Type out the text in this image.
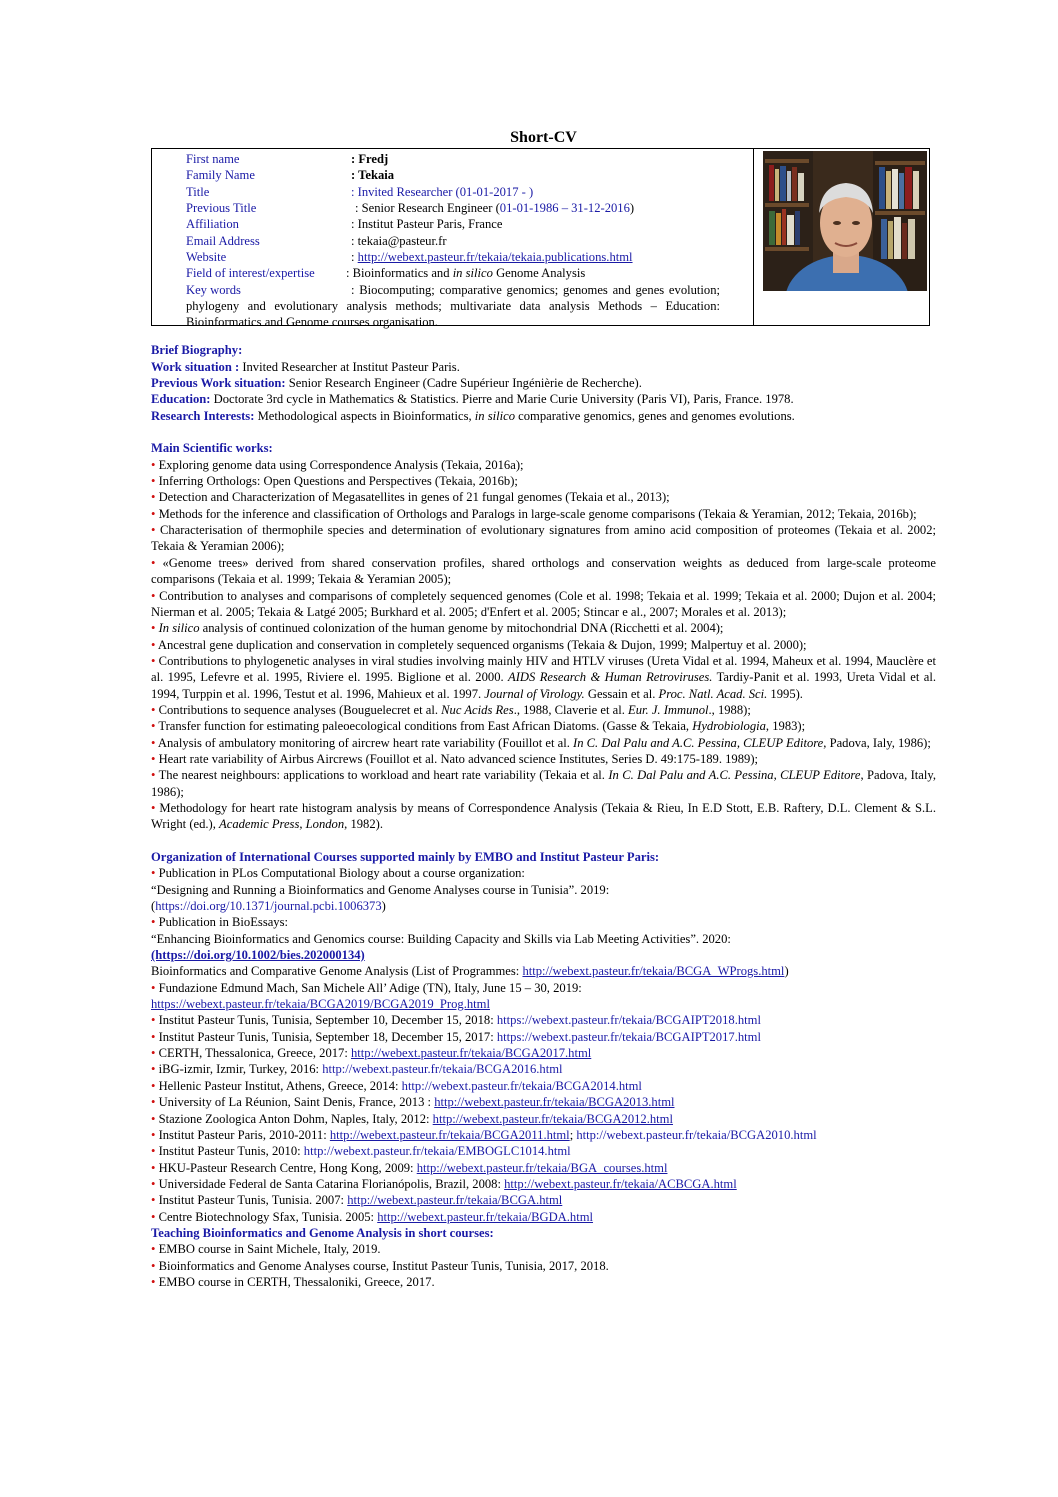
Short-CV
First name	: Fredj
Family Name	: Tekaia
Title	: Invited Researcher (01-01-2017 - )
Previous Title	: Senior Research Engineer (01-01-1986 – 31-12-2016)
Affiliation	: Institut Pasteur Paris, France
Email Address	: tekaia@pasteur.fr
Website	: http://webext.pasteur.fr/tekaia/tekaia.publications.html
Field of interest/expertise : Bioinformatics and in silico Genome Analysis
Key words	: Biocomputing; comparative genomics; genomes and genes evolution; phylogeny and evolutionary analysis methods; multivariate data analysis Methods – Education: Bioinformatics and Genome courses organisation.

Brief Biography:

Work situation : Invited Researcher at Institut Pasteur Paris.

Previous Work situation: Senior Research Engineer (Cadre Supérieur Ingénièrie de Recherche).

Education: Doctorate 3rd cycle in Mathematics & Statistics. Pierre and Marie Curie University (Paris VI), Paris, France. 1978.

Research Interests: Methodological aspects in Bioinformatics, in silico comparative genomics, genes and genomes evolutions.

Main Scientific works:

• Exploring genome data using Correspondence Analysis (Tekaia, 2016a);

• Inferring Orthologs: Open Questions and Perspectives (Tekaia, 2016b);

• Detection and Characterization of Megasatellites in genes of 21 fungal genomes (Tekaia et al., 2013);

• Methods for the inference and classification of Orthologs and Paralogs in large-scale genome comparisons (Tekaia & Yeramian, 2012; Tekaia, 2016b);

• Characterisation of thermophile species and determination of evolutionary signatures from amino acid composition of proteomes (Tekaia et al. 2002; Tekaia & Yeramian 2006);

• «Genome trees» derived from shared conservation profiles, shared orthologs and conservation weights as deduced from large-scale proteome comparisons (Tekaia et al. 1999; Tekaia & Yeramian 2005);

• Contribution to analyses and comparisons of completely sequenced genomes (Cole et al. 1998; Tekaia et al. 1999; Tekaia et al. 2000; Dujon et al. 2004; Nierman et al. 2005; Tekaia & Latgé 2005; Burkhard et al. 2005; d'Enfert et al. 2005; Stincar e al., 2007; Morales et al. 2013);

• In silico analysis of continued colonization of the human genome by mitochondrial DNA (Ricchetti et al. 2004);

• Ancestral gene duplication and conservation in completely sequenced organisms (Tekaia & Dujon, 1999; Malpertuy et al. 2000);

• Contributions to phylogenetic analyses in viral studies involving mainly HIV and HTLV viruses (Ureta Vidal et al. 1994, Maheux et al. 1994, Mauclère et al. 1995, Lefevre et al. 1995, Riviere el. 1995. Biglione et al. 2000. AIDS Research & Human Retroviruses. Tardiy-Panit et al. 1993, Ureta Vidal et al. 1994, Turppin et al. 1996, Testut et al. 1996, Mahieux et al. 1997. Journal of Virology. Gessain et al. Proc. Natl. Acad. Sci. 1995).

• Contributions to sequence analyses (Bouguelecret et al. Nuc Acids Res., 1988, Claverie et al. Eur. J. Immunol., 1988);

• Transfer function for estimating paleoecological conditions from East African Diatoms. (Gasse & Tekaia, Hydrobiologia, 1983);

• Analysis of ambulatory monitoring of aircrew heart rate variability (Fouillot et al. In C. Dal Palu and A.C. Pessina, CLEUP Editore, Padova, Ialy, 1986);

• Heart rate variability of Airbus Aircrews (Fouillot et al. Nato advanced science Institutes, Series D. 49:175-189. 1989);

• The nearest neighbours: applications to workload and heart rate variability (Tekaia et al. In C. Dal Palu and A.C. Pessina, CLEUP Editore, Padova, Italy, 1986);

• Methodology for heart rate histogram analysis by means of Correspondence Analysis (Tekaia & Rieu, In E.D Stott, E.B. Raftery, D.L. Clement & S.L. Wright (ed.), Academic Press, London, 1982).

Organization of International Courses supported mainly by EMBO and Institut Pasteur Paris:

• Publication in PLos Computational Biology about a course organization:

“Designing and Running a Bioinformatics and Genome Analyses course in Tunisia”. 2019:

(https://doi.org/10.1371/journal.pcbi.1006373)

• Publication in BioEssays:

“Enhancing Bioinformatics and Genomics course: Building Capacity and Skills via Lab Meeting Activities”. 2020:

(https://doi.org/10.1002/bies.202000134)

Bioinformatics and Comparative Genome Analysis (List of Programmes: http://webext.pasteur.fr/tekaia/BCGA_WProgs.html)

• Fundazione Edmund Mach, San Michele All’ Adige (TN), Italy, June 15 – 30, 2019:

https://webext.pasteur.fr/tekaia/BCGA2019/BCGA2019_Prog.html

• Institut Pasteur Tunis, Tunisia, September 10, December 15, 2018: https://webext.pasteur.fr/tekaia/BCGAIPT2018.html

• Institut Pasteur Tunis, Tunisia, September 18, December 15, 2017: https://webext.pasteur.fr/tekaia/BCGAIPT2017.html

• CERTH, Thessalonica, Greece, 2017: http://webext.pasteur.fr/tekaia/BCGA2017.html

• iBG-izmir, Izmir, Turkey, 2016: http://webext.pasteur.fr/tekaia/BCGA2016.html

• Hellenic Pasteur Institut, Athens, Greece, 2014: http://webext.pasteur.fr/tekaia/BCGA2014.html

• University of La Réunion, Saint Denis, France, 2013 : http://webext.pasteur.fr/tekaia/BCGA2013.html

• Stazione Zoologica Anton Dohm, Naples, Italy, 2012: http://webext.pasteur.fr/tekaia/BCGA2012.html

• Institut Pasteur Paris, 2010-2011: http://webext.pasteur.fr/tekaia/BCGA2011.html; http://webext.pasteur.fr/tekaia/BCGA2010.html

• Institut Pasteur Tunis, 2010: http://webext.pasteur.fr/tekaia/EMBOGLC1014.html

• HKU-Pasteur Research Centre, Hong Kong, 2009: http://webext.pasteur.fr/tekaia/BGA_courses.html

• Universidade Federal de Santa Catarina Florianópolis, Brazil, 2008: http://webext.pasteur.fr/tekaia/ACBCGA.html

• Institut Pasteur Tunis, Tunisia. 2007: http://webext.pasteur.fr/tekaia/BCGA.html

• Centre Biotechnology Sfax, Tunisia. 2005: http://webext.pasteur.fr/tekaia/BGDA.html

Teaching Bioinformatics and Genome Analysis in short courses:

• EMBO course in Saint Michele, Italy, 2019.

• Bioinformatics and Genome Analyses course, Institut Pasteur Tunis, Tunisia, 2017, 2018.

• EMBO course in CERTH, Thessaloniki, Greece, 2017.
